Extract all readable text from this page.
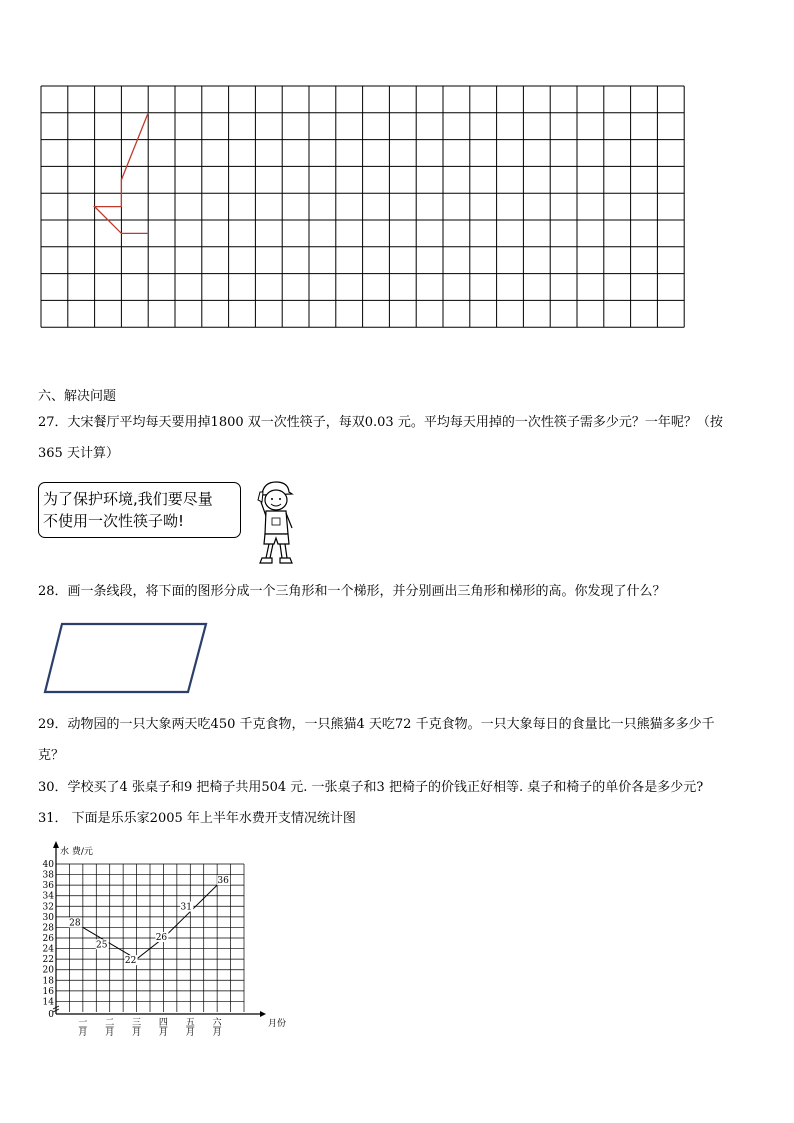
六、解决问题
27．大宋餐厅平均每天要用掉1800 双一次性筷子，每双0.03 元。平均每天用掉的一次性筷子需多少元？一年呢？（按
365 天计算）
为了保护环境,我们要尽量
不使用一次性筷子呦!
28．画一条线段，将下面的图形分成一个三角形和一个梯形，并分别画出三角形和梯形的高。你发现了什么？
29．动物园的一只大象两天吃450 千克食物，一只熊猫4 天吃72 千克食物。一只大象每日的食量比一只熊猫多多少千
克？
30．学校买了4 张桌子和9 把椅子共用504 元. 一张桌子和3 把椅子的价钱正好相等. 桌子和椅子的单价各是多少元?
31． 下面是乐乐家2005 年上半年水费开支情况统计图
0
14
16
18
20
22
24
26
28
30
32
34
36
38
40
水 费/元
月份
一
月
二
月
三
月
四
月
五
月
六
月
28
25
22
26
31
36
